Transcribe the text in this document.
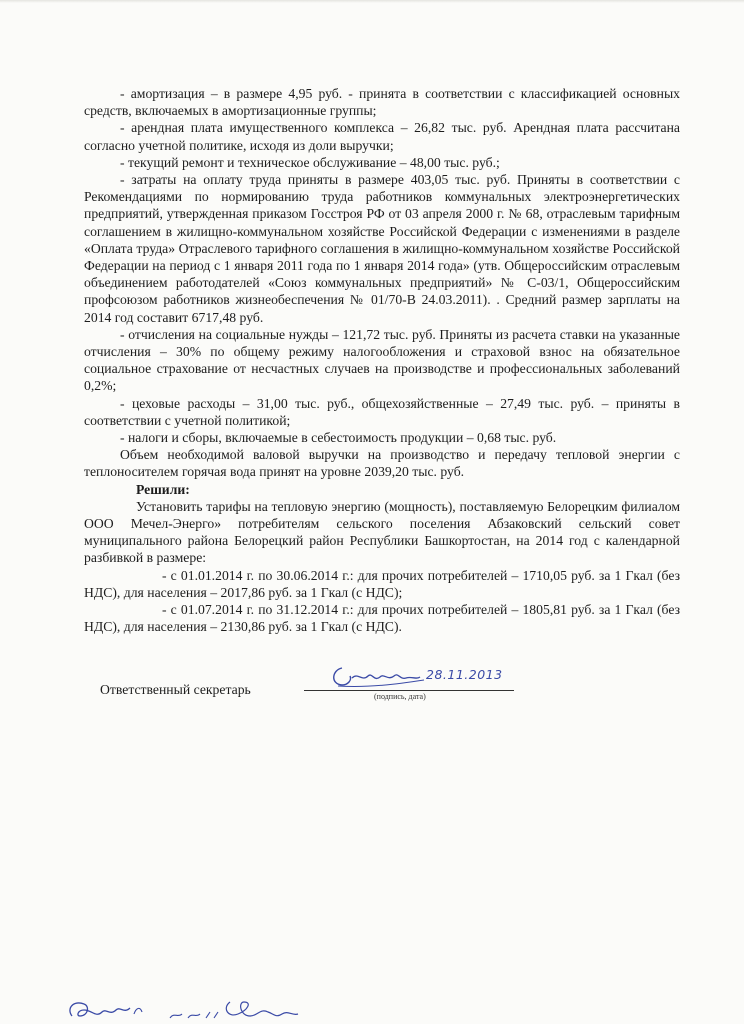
- амортизация – в размере 4,95 руб. - принята в соответствии с классификацией основных средств, включаемых в амортизационные группы;

- арендная плата имущественного комплекса – 26,82 тыс. руб. Арендная плата рассчитана согласно учетной политике, исходя из доли выручки;

- текущий ремонт и техническое обслуживание – 48,00 тыс. руб.;

- затраты на оплату труда приняты в размере 403,05 тыс. руб. Приняты в соответствии с Рекомендациями по нормированию труда работников коммунальных электроэнергетических предприятий, утвержденная приказом Госстроя РФ от 03 апреля 2000 г. № 68, отраслевым тарифным соглашением в жилищно-коммунальном хозяйстве Российской Федерации с изменениями в разделе «Оплата труда» Отраслевого тарифного соглашения в жилищно-коммунальном хозяйстве Российской Федерации на период с 1 января 2011 года по 1 января 2014 года» (утв. Общероссийским отраслевым объединением работодателей «Союз коммунальных предприятий» № С-03/1, Общероссийским профсоюзом работников жизнеобеспечения № 01/70-В 24.03.2011). . Средний размер зарплаты на 2014 год составит 6717,48 руб.

- отчисления на социальные нужды – 121,72 тыс. руб. Приняты из расчета ставки на указанные отчисления – 30% по общему режиму налогообложения и страховой взнос на обязательное социальное страхование от несчастных случаев на производстве и профессиональных заболеваний 0,2%;

- цеховые расходы – 31,00 тыс. руб., общехозяйственные – 27,49 тыс. руб. – приняты в соответствии с учетной политикой;

- налоги и сборы, включаемые в себестоимость продукции – 0,68 тыс. руб.

Объем необходимой валовой выручки на производство и передачу тепловой энергии с теплоносителем горячая вода принят на уровне 2039,20 тыс. руб.

Решили:

Установить тарифы на тепловую энергию (мощность), поставляемую Белорецким филиалом ООО Мечел-Энерго» потребителям сельского поселения Абзаковский сельский совет муниципального района Белорецкий район Республики Башкортостан, на 2014 год с календарной разбивкой в размере:

- с 01.01.2014 г. по 30.06.2014 г.: для прочих потребителей – 1710,05 руб. за 1 Гкал (без НДС), для населения – 2017,86 руб. за 1 Гкал (с НДС);

- с 01.07.2014 г. по 31.12.2014 г.: для прочих потребителей – 1805,81 руб. за 1 Гкал (без НДС), для населения – 2130,86 руб. за 1 Гкал (с НДС).

Ответственный секретарь
28.11.2013
(подпись, дата)
